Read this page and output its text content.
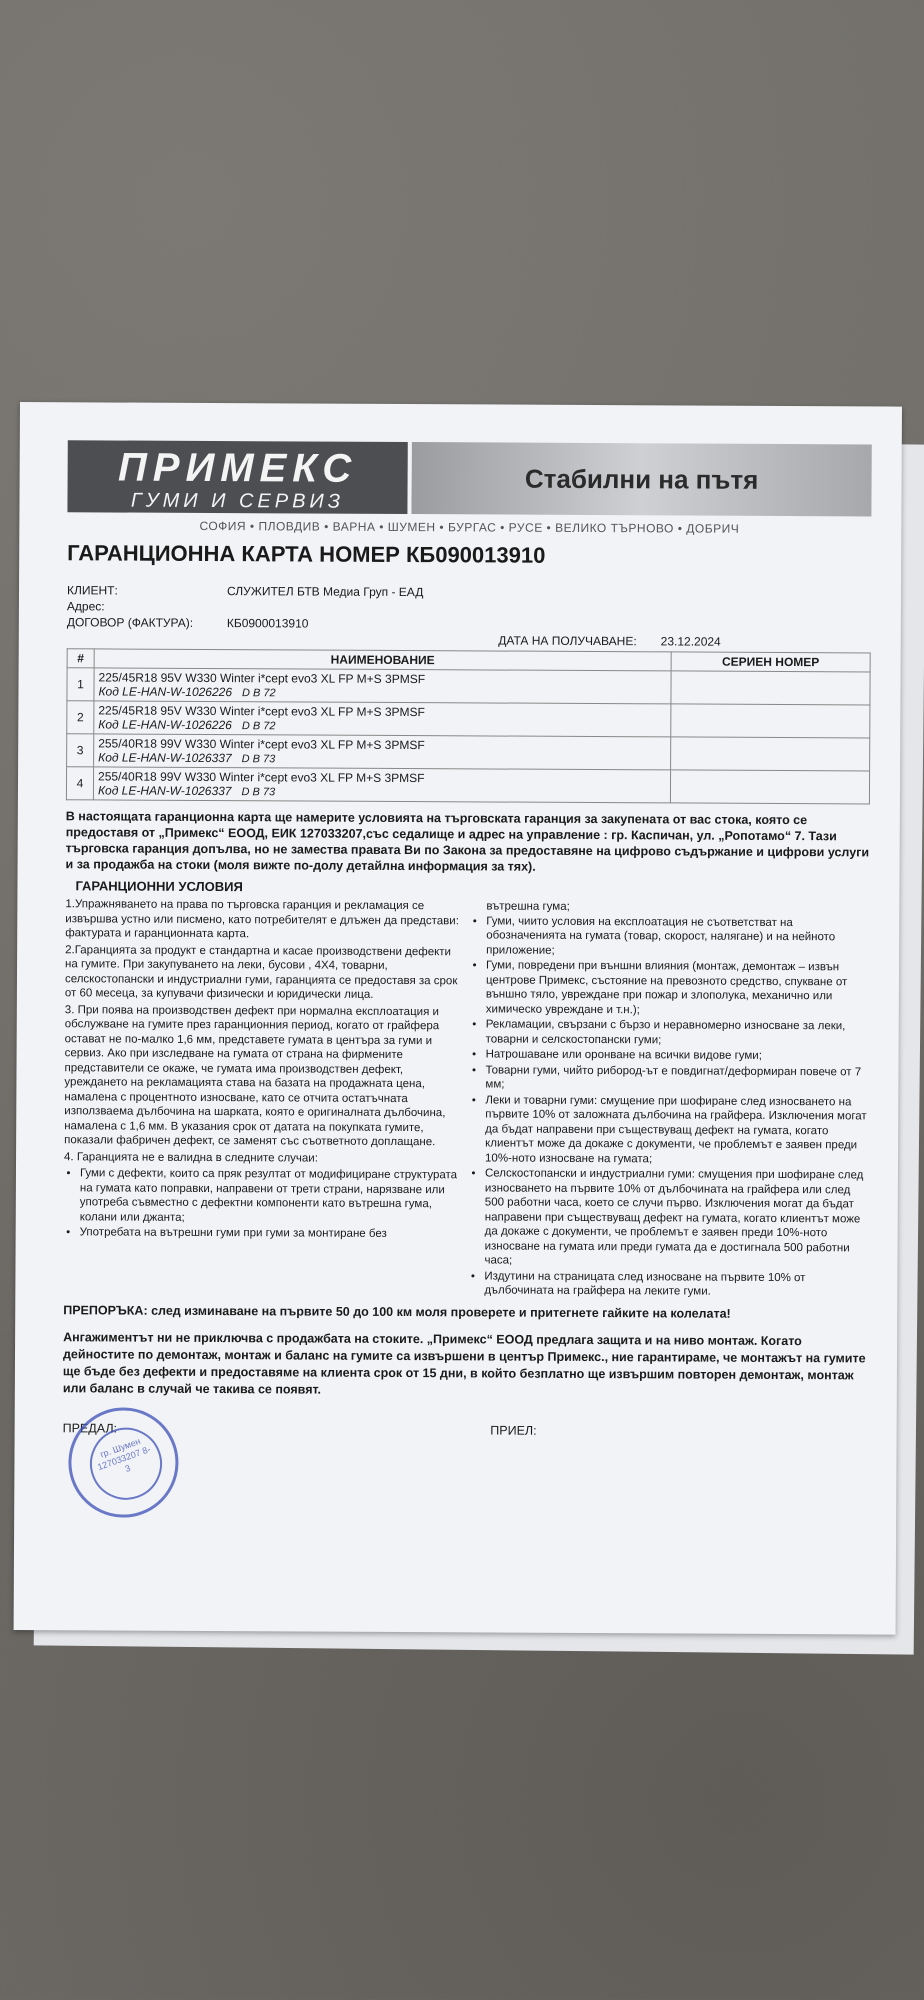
ПРИМЕКС
ГУМИ И СЕРВИЗ
Стабилни на пътя
СОФИЯ • ПЛОВДИВ • ВАРНА • ШУМЕН • БУРГАС • РУСЕ • ВЕЛИКО ТЪРНОВО • ДОБРИЧ
ГАРАНЦИОННА КАРТА НОМЕР КБ090013910
КЛИЕНТ:	СЛУЖИТЕЛ БТВ Медиа Груп - ЕАД
Адрес:
ДОГОВОР (ФАКТУРА):	КБ0900013910
ДАТА НА ПОЛУЧАВАНЕ: 23.12.2024
#	НАИМЕНОВАНИЕ	СЕРИЕН НОМЕР
1	225/45R18 95V W330 Winter i*cept evo3 XL FP M+S 3PMSF
Код LE-HAN-W-1026226 D B 72	

2	225/45R18 95V W330 Winter i*cept evo3 XL FP M+S 3PMSF
Код LE-HAN-W-1026226 D B 72	

3	255/40R18 99V W330 Winter i*cept evo3 XL FP M+S 3PMSF
Код LE-HAN-W-1026337 D B 73	

4	255/40R18 99V W330 Winter i*cept evo3 XL FP M+S 3PMSF
Код LE-HAN-W-1026337 D B 73	

В настоящата гаранционна карта ще намерите условията на търговската гаранция за закупената от вас стока, която се предоставя от „Примекс“ ЕООД, ЕИК 127033207,със седалище и адрес на управление : гр. Каспичан, ул. „Ропотамо“ 7. Тази търговска гаранция допълва, но не замества правата Ви по Закона за предоставяне на цифрово съдържание и цифрови услуги и за продажба на стоки (моля вижте по-долу детайлна информация за тях).
ГАРАНЦИОННИ УСЛОВИЯ

1.Упражняването на права по търговска гаранция и рекламация се извършва устно или писмено, като потребителят е длъжен да представи: фактурата и гаранционната карта.

2.Гаранцията за продукт е стандартна и касае производствени дефекти на гумите. При закупуването на леки, бусови , 4Х4, товарни, селскостопански и индустриални гуми, гаранцията се предоставя за срок от 60 месеца, за купувачи физически и юридически лица.

3. При поява на производствен дефект при нормална експлоатация и обслужване на гумите през гаранционния период, когато от грайфера остават не по-малко 1,6 мм, представете гумата в центъра за гуми и сервиз. Ако при изследване на гумата от страна на фирмените представители се окаже, че гумата има производствен дефект, уреждането на рекламацията става на базата на продажната цена, намалена с процентното износване, като се отчита остатъчната използваема дълбочина на шарката, която е оригиналната дълбочина, намалена с 1,6 мм. В указания срок от датата на покупката гумите, показали фабричен дефект, се заменят със съответното доплащане.

4. Гаранцията не е валидна в следните случаи:

• Гуми с дефекти, които са пряк резултат от модифициране структурата на гумата като поправки, направени от трети страни, нарязване или употреба съвместно с дефектни компоненти като вътрешна гума, колани или джанта;
• Употребата на вътрешни гуми при гуми за монтиране без
вътрешна гума;
• Гуми, чиито условия на експлоатация не съответстват на обозначенията на гумата (товар, скорост, налягане) и на нейното приложение;
• Гуми, повредени при външни влияния (монтаж, демонтаж – извън центрове Примекс, състояние на превозното средство, спукване от външно тяло, увреждане при пожар и злополука, механично или химическо увреждане и т.н.);
• Рекламации, свързани с бързо и неравномерно износване за леки, товарни и селскостопански гуми;
• Натрошаване или оронване на всички видове гуми;
• Товарни гуми, чийто рибород-ът е повдигнат/деформиран повече от 7 мм;
• Леки и товарни гуми: смущение при шофиране след износването на първите 10% от заложната дълбочина на грайфера. Изключения могат да бъдат направени при съществуващ дефект на гумата, когато клиентът може да докаже с документи, че проблемът е заявен преди 10%-ното износване на гумата;
• Селскостопански и индустриални гуми: смущения при шофиране след износването на първите 10% от дълбочината на грайфера или след 500 работни часа, което се случи първо. Изключения могат да бъдат направени при съществуващ дефект на гумата, когато клиентът може да докаже с документи, че проблемът е заявен преди 10%-ното износване на гумата или преди гумата да е достигнала 500 работни часа;
• Издутини на страницата след износване на първите 10% от дълбочината на грайфера на леките гуми.
ПРЕПОРЪКА: след изминаване на първите 50 до 100 км моля проверете и притегнете гайките на колелата!
Ангажиментът ни не приключва с продажбата на стоките. „Примекс“ ЕООД предлага защита и на ниво монтаж. Когато дейностите по демонтаж, монтаж и баланс на гумите са извършени в център Примекс., ние гарантираме, че монтажът на гумите ще бъде без дефекти и предоставяме на клиента срок от 15 дни, в който безплатно ще извършим повторен демонтаж, монтаж или баланс в случай че такива се появят.
ПРЕДАЛ:	ПРИЕЛ:
гр. Шумен 127033207 8-3
